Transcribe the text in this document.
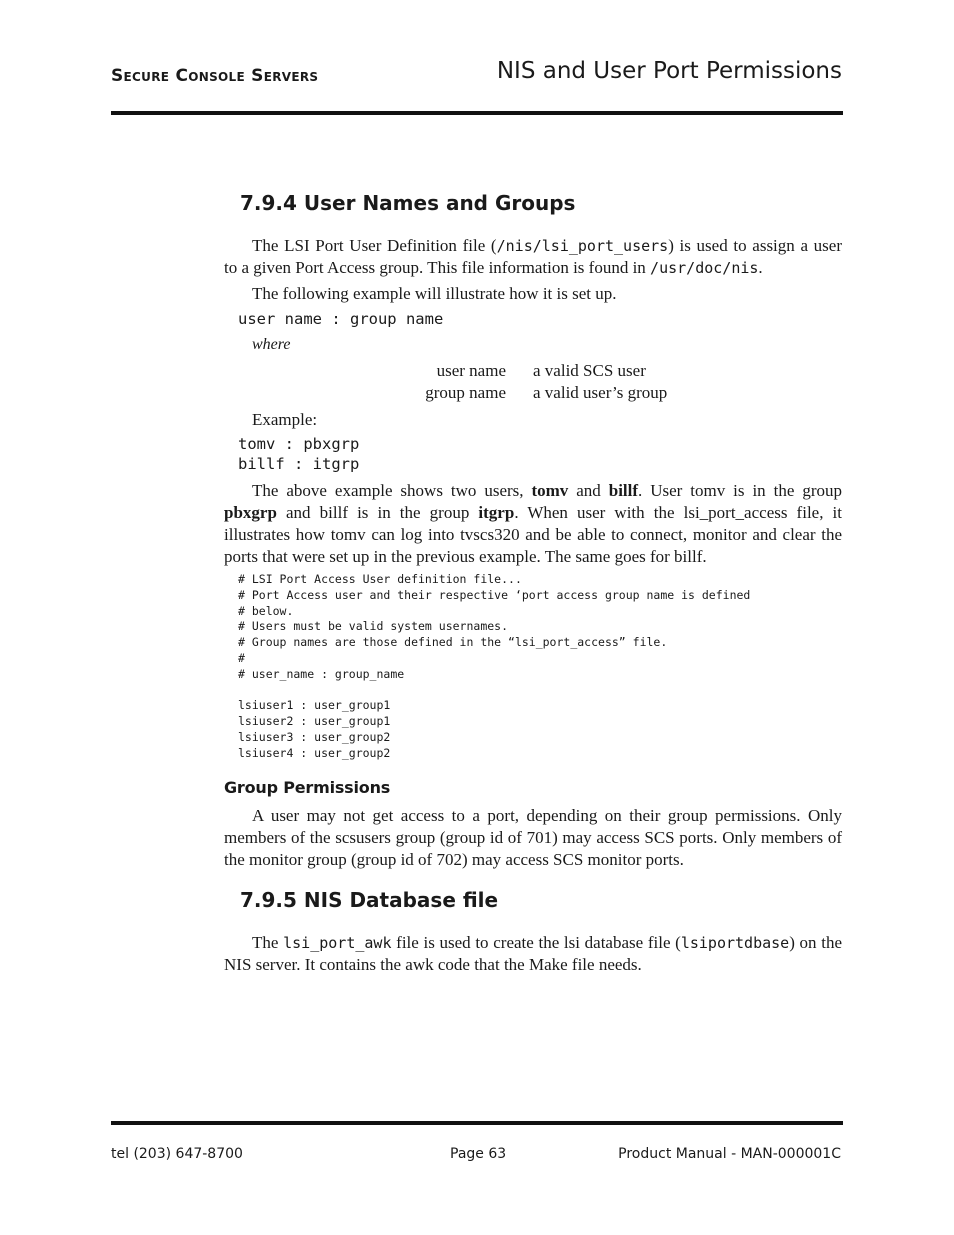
Secure Console Servers	NIS and User Port Permissions
7.9.4 User Names and Groups
The LSI Port User Definition file (/nis/lsi_port_users) is used to assign a user to a given Port Access group. This file information is found in /usr/doc/nis.
The following example will illustrate how it is set up.
user name : group name
where
user name	a valid SCS user
group name	a valid user’s group
Example:
tomv : pbxgrp
billf : itgrp
The above example shows two users, tomv and billf. User tomv is in the group pbxgrp and billf is in the group itgrp. When user with the lsi_port_access file, it illustrates how tomv can log into tvscs320 and be able to connect, monitor and clear the ports that were set up in the previous example. The same goes for billf.
# LSI Port Access User definition file...
# Port Access user and their respective ‘port access group name is defined
# below.
# Users must be valid system usernames.
# Group names are those defined in the “lsi_port_access” file.
#
# user_name : group_name
lsiuser1 : user_group1
lsiuser2 : user_group1
lsiuser3 : user_group2
lsiuser4 : user_group2
Group Permissions
A user may not get access to a port, depending on their group permissions. Only members of the scsusers group (group id of 701) may access SCS ports. Only members of the monitor group (group id of 702) may access SCS monitor ports.
7.9.5 NIS Database file
The lsi_port_awk file is used to create the lsi database file (lsiportdbase) on the NIS server. It contains the awk code that the Make file needs.
tel (203) 647-8700	Page 63	Product Manual - MAN-000001C
